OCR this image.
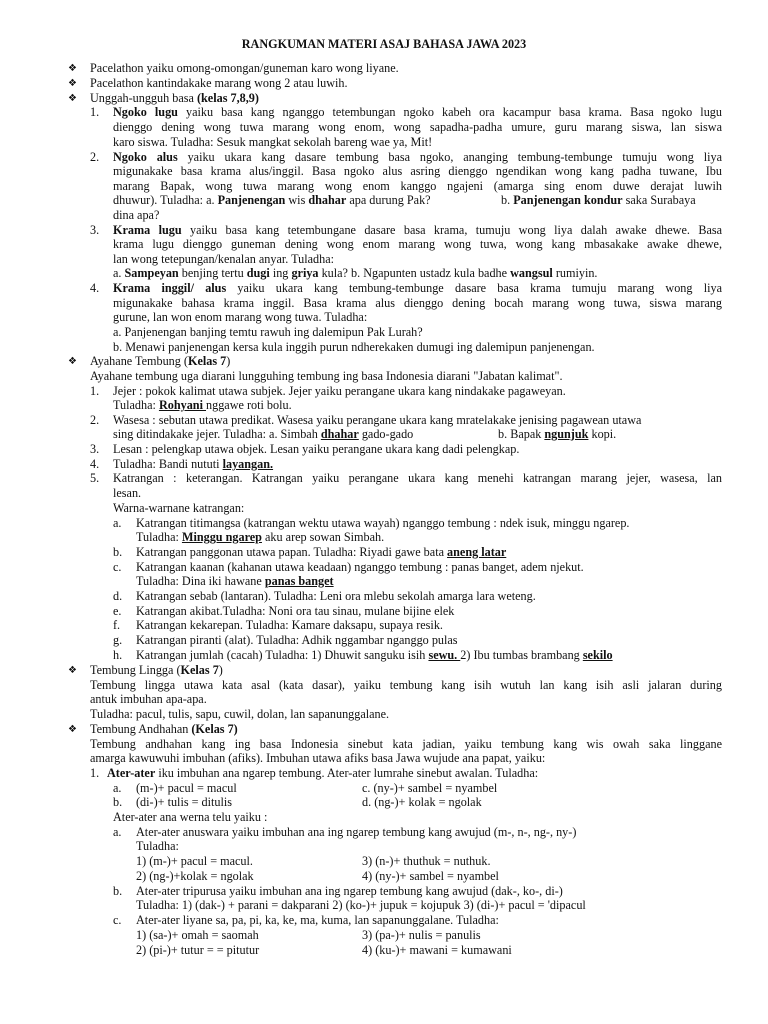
RANGKUMAN MATERI ASAJ BAHASA JAWA 2023
❖ Pacelathon yaiku omong-omongan/guneman karo wong liyane.
❖ Pacelathon kantindakake marang wong 2 atau luwih.
❖ Unggah-ungguh basa (kelas 7,8,9)
1. Ngoko lugu yaiku basa kang nganggo tetembungan ngoko kabeh ora kacampur basa krama. Basa ngoko lugu
dienggo dening wong tuwa marang wong enom, wong sapadha-padha umure, guru marang siswa, lan siswa
karo siswa. Tuladha: Sesuk mangkat sekolah bareng wae ya, Mit!
2. Ngoko alus yaiku ukara kang dasare tembung basa ngoko, ananging tembung-tembunge tumuju wong liya
migunakake basa krama alus/inggil. Basa ngoko alus asring dienggo ngendikan wong kang padha tuwane, Ibu
marang Bapak, wong tuwa marang wong enom kanggo ngajeni (amarga sing enom duwe derajat luwih
dhuwur). Tuladha: a. Panjenengan wis dhahar apa durung Pak?	b. Panjenengan kondur saka Surabaya
dina apa?
3. Krama lugu yaiku basa kang tetembungane dasare basa krama, tumuju wong liya dalah awake dhewe. Basa
krama lugu dienggo guneman dening wong enom marang wong tuwa, wong kang mbasakake awake dhewe,
lan wong tetepungan/kenalan anyar. Tuladha:
a. Sampeyan benjing tertu dugi ing griya kula? b. Ngapunten ustadz kula badhe wangsul rumiyin.
4. Krama inggil/ alus yaiku ukara kang tembung-tembunge dasare basa krama tumuju marang wong liya
migunakake bahasa krama inggil. Basa krama alus dienggo dening bocah marang wong tuwa, siswa marang
gurune, lan won enom marang wong tuwa. Tuladha:
a. Panjenengan banjing temtu rawuh ing dalemipun Pak Lurah?
b. Menawi panjenengan kersa kula inggih purun ndherekaken dumugi ing dalemipun panjenengan.
❖ Ayahane Tembung (Kelas 7)
Ayahane tembung uga diarani lungguhing tembung ing basa Indonesia diarani "Jabatan kalimat".
1. Jejer : pokok kalimat utawa subjek. Jejer yaiku perangane ukara kang nindakake pagaweyan.
Tuladha: Rohyani nggawe roti bolu.
2. Wasesa : sebutan utawa predikat. Wasesa yaiku perangane ukara kang mratelakake jenising pagawean utawa
sing ditindakake jejer. Tuladha: a. Simbah dhahar gado-gado	b. Bapak ngunjuk kopi.
3. Lesan : pelengkap utawa objek. Lesan yaiku perangane ukara kang dadi pelengkap.
4. Tuladha: Bandi nututi layangan.
5. Katrangan : keterangan. Katrangan yaiku perangane ukara kang menehi katrangan marang jejer, wasesa, lan
lesan.
Warna-warnane katrangan:
a. Katrangan titimangsa (katrangan wektu utawa wayah) nganggo tembung : ndek isuk, minggu ngarep.
Tuladha: Minggu ngarep aku arep sowan Simbah.
b. Katrangan panggonan utawa papan. Tuladha: Riyadi gawe bata aneng latar
c. Katrangan kaanan (kahanan utawa keadaan) nganggo tembung : panas banget, adem njekut.
Tuladha: Dina iki hawane panas banget
d. Katrangan sebab (lantaran). Tuladha: Leni ora mlebu sekolah amarga lara weteng.
e. Katrangan akibat.Tuladha: Noni ora tau sinau, mulane bijine elek
f. Katrangan kekarepan. Tuladha: Kamare daksapu, supaya resik.
g. Katrangan piranti (alat). Tuladha: Adhik nggambar nganggo pulas
h. Katrangan jumlah (cacah) Tuladha: 1) Dhuwit sanguku isih sewu. 2) Ibu tumbas brambang sekilo
❖ Tembung Lingga (Kelas 7)
Tembung lingga utawa kata asal (kata dasar), yaiku tembung kang isih wutuh lan kang isih asli jalaran during
antuk imbuhan apa-apa.
Tuladha: pacul, tulis, sapu, cuwil, dolan, lan sapanunggalane.
❖ Tembung Andhahan (Kelas 7)
Tembung andhahan kang ing basa Indonesia sinebut kata jadian, yaiku tembung kang wis owah saka linggane
amarga kawuwuhi imbuhan (afiks). Imbuhan utawa afiks basa Jawa wujude ana papat, yaiku:
1. Ater-ater iku imbuhan ana ngarep tembung. Ater-ater lumrahe sinebut awalan. Tuladha:
a. (m-)+ pacul = macul	c. (ny-)+ sambel = nyambel
b. (di-)+ tulis = ditulis	d. (ng-)+ kolak = ngolak
Ater-ater ana werna telu yaiku :
a. Ater-ater anuswara yaiku imbuhan ana ing ngarep tembung kang awujud (m-, n-, ng-, ny-)
Tuladha:
1) (m-)+ pacul = macul.	3) (n-)+ thuthuk = nuthuk.
2) (ng-)+kolak = ngolak	4) (ny-)+ sambel = nyambel
b. Ater-ater tripurusa yaiku imbuhan ana ing ngarep tembung kang awujud (dak-, ko-, di-)
Tuladha: 1) (dak-) + parani = dakparani 2) (ko-)+ jupuk = kojupuk 3) (di-)+ pacul = 'dipacul
c. Ater-ater liyane sa, pa, pi, ka, ke, ma, kuma, lan sapanunggalane. Tuladha:
1) (sa-)+ omah = saomah	3) (pa-)+ nulis = panulis
2) (pi-)+ tutur = = pitutur	4) (ku-)+ mawani = kumawani
